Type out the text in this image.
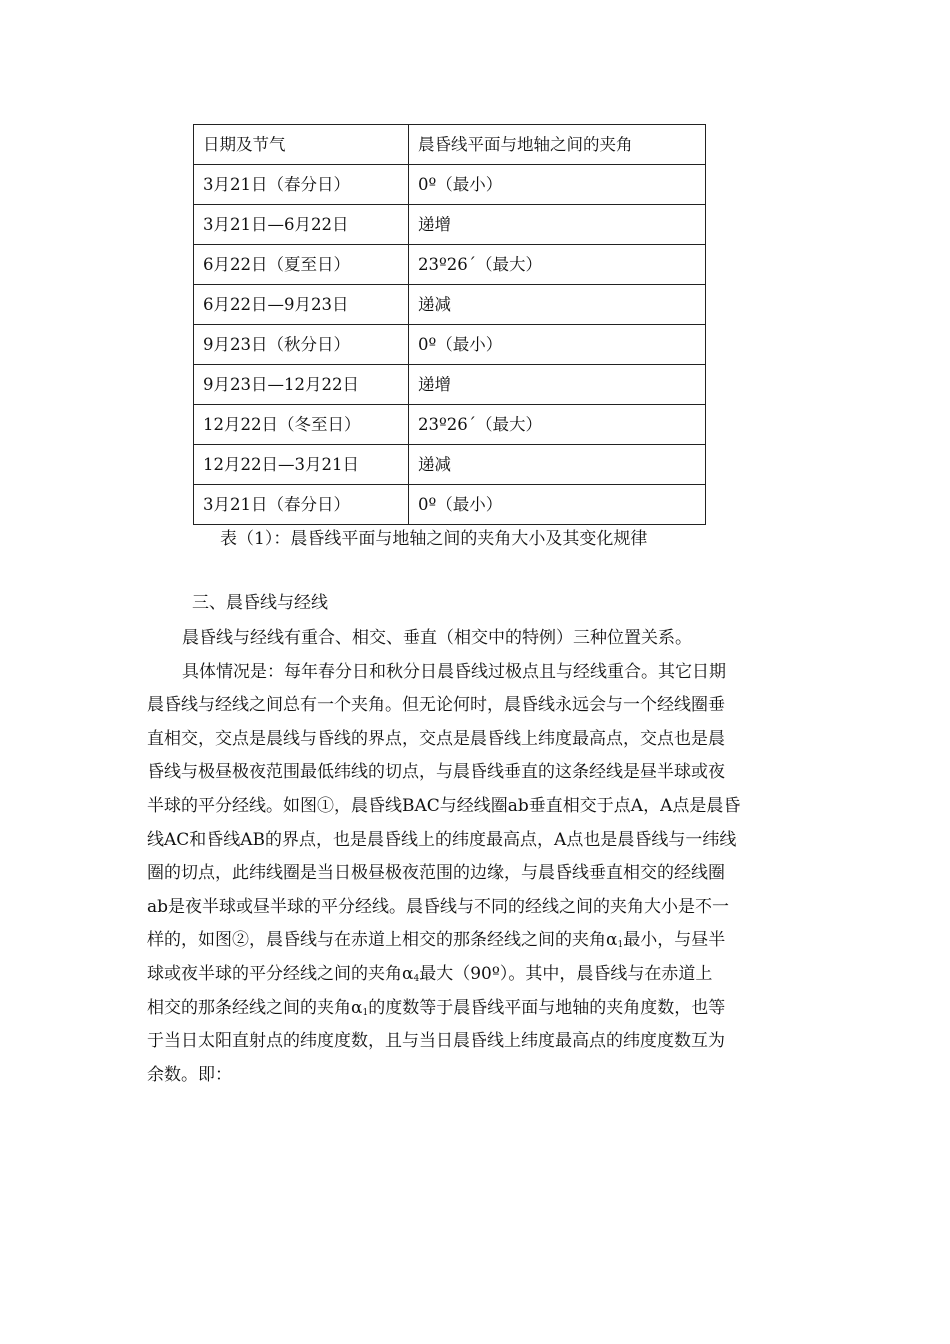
日期及节气	晨昏线平面与地轴之间的夹角
3月21日（春分日）	0º（最小）
3月21日—6月22日	递增
6月22日（夏至日）	23º26´（最大）
6月22日—9月23日	递减
9月23日（秋分日）	0º（最小）
9月23日—12月22日	递增
12月22日（冬至日）	23º26´（最大）
12月22日—3月21日	递减
3月21日（春分日）	0º（最小）
表（1）：晨昏线平面与地轴之间的夹角大小及其变化规律
三、晨昏线与经线
晨昏线与经线有重合、相交、垂直（相交中的特例）三种位置关系。
具体情况是：每年春分日和秋分日晨昏线过极点且与经线重合。其它日期
晨昏线与经线之间总有一个夹角。但无论何时，晨昏线永远会与一个经线圈垂
直相交，交点是晨线与昏线的界点，交点是晨昏线上纬度最高点，交点也是晨
昏线与极昼极夜范围最低纬线的切点，与晨昏线垂直的这条经线是昼半球或夜
半球的平分经线。如图①，晨昏线BAC与经线圈ab垂直相交于点A，A点是晨昏
线AC和昏线AB的界点，也是晨昏线上的纬度最高点，A点也是晨昏线与一纬线
圈的切点，此纬线圈是当日极昼极夜范围的边缘，与晨昏线垂直相交的经线圈
ab是夜半球或昼半球的平分经线。晨昏线与不同的经线之间的夹角大小是不一
样的，如图②，晨昏线与在赤道上相交的那条经线之间的夹角$\alpha_1$最小，与昼半
球或夜半球的平分经线之间的夹角$\alpha_4$最大（90º）。其中，晨昏线与在赤道上
相交的那条经线之间的夹角$\alpha_1$的度数等于晨昏线平面与地轴的夹角度数，也等
于当日太阳直射点的纬度度数，且与当日晨昏线上纬度最高点的纬度度数互为
余数。即：
